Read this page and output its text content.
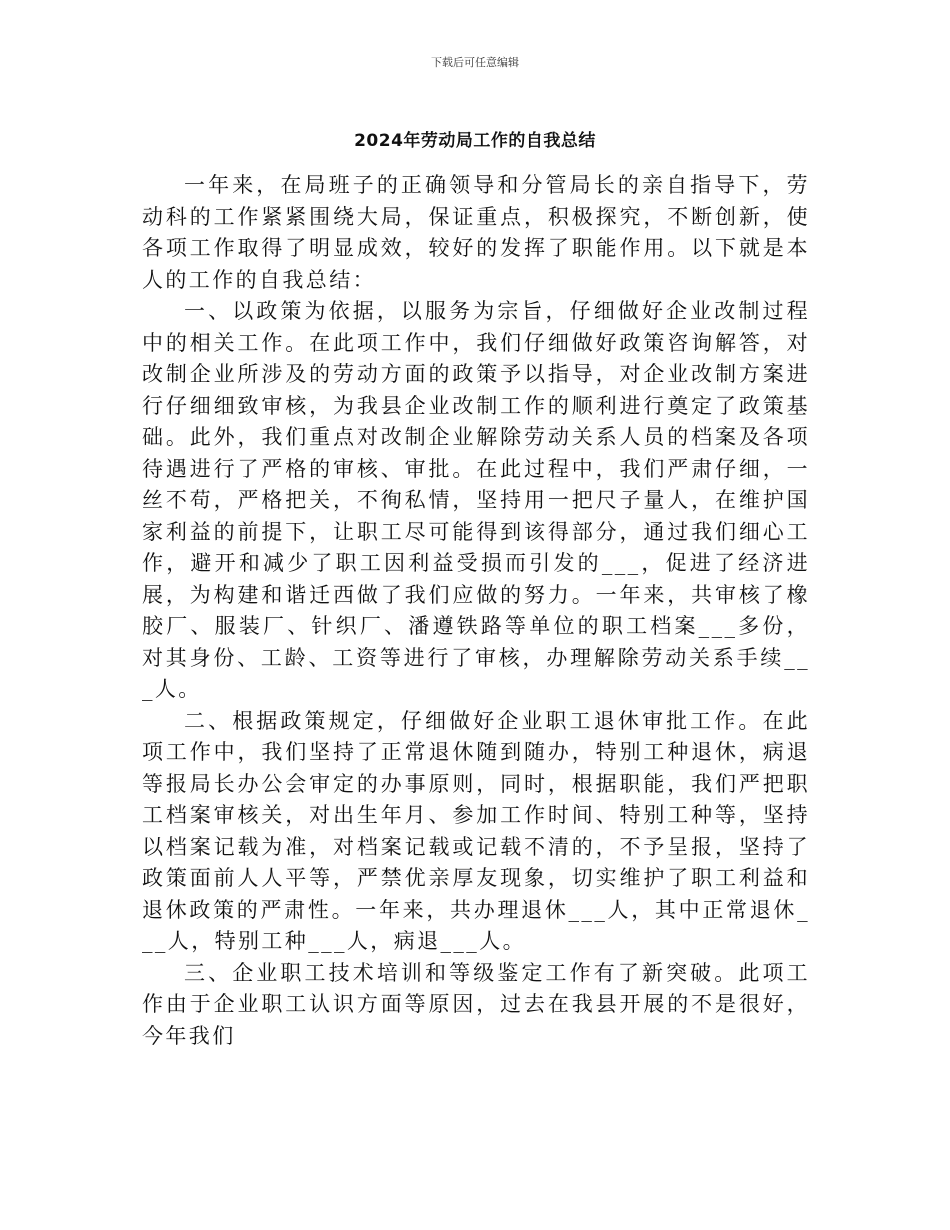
下载后可任意编辑
2024年劳动局工作的自我总结

一年来，在局班子的正确领导和分管局长的亲自指导下，劳动科的工作紧紧围绕大局，保证重点，积极探究，不断创新，使各项工作取得了明显成效，较好的发挥了职能作用。以下就是本人的工作的自我总结：

一、以政策为依据，以服务为宗旨，仔细做好企业改制过程中的相关工作。在此项工作中，我们仔细做好政策咨询解答，对改制企业所涉及的劳动方面的政策予以指导，对企业改制方案进行仔细细致审核，为我县企业改制工作的顺利进行奠定了政策基础。此外，我们重点对改制企业解除劳动关系人员的档案及各项待遇进行了严格的审核、审批。在此过程中，我们严肃仔细，一丝不苟，严格把关，不徇私情，坚持用一把尺子量人，在维护国家利益的前提下，让职工尽可能得到该得部分，通过我们细心工作，避开和减少了职工因利益受损而引发的___，促进了经济进展，为构建和谐迁西做了我们应做的努力。一年来，共审核了橡胶厂、服装厂、针织厂、潘遵铁路等单位的职工档案___多份，对其身份、工龄、工资等进行了审核，办理解除劳动关系手续___人。

二、根据政策规定，仔细做好企业职工退休审批工作。在此项工作中，我们坚持了正常退休随到随办，特别工种退休，病退等报局长办公会审定的办事原则，同时，根据职能，我们严把职工档案审核关，对出生年月、参加工作时间、特别工种等，坚持以档案记载为准，对档案记载或记载不清的，不予呈报，坚持了政策面前人人平等，严禁优亲厚友现象，切实维护了职工利益和退休政策的严肃性。一年来，共办理退休___人，其中正常退休___人，特别工种___人，病退___人。

三、企业职工技术培训和等级鉴定工作有了新突破。此项工作由于企业职工认识方面等原因，过去在我县开展的不是很好，今年我们
